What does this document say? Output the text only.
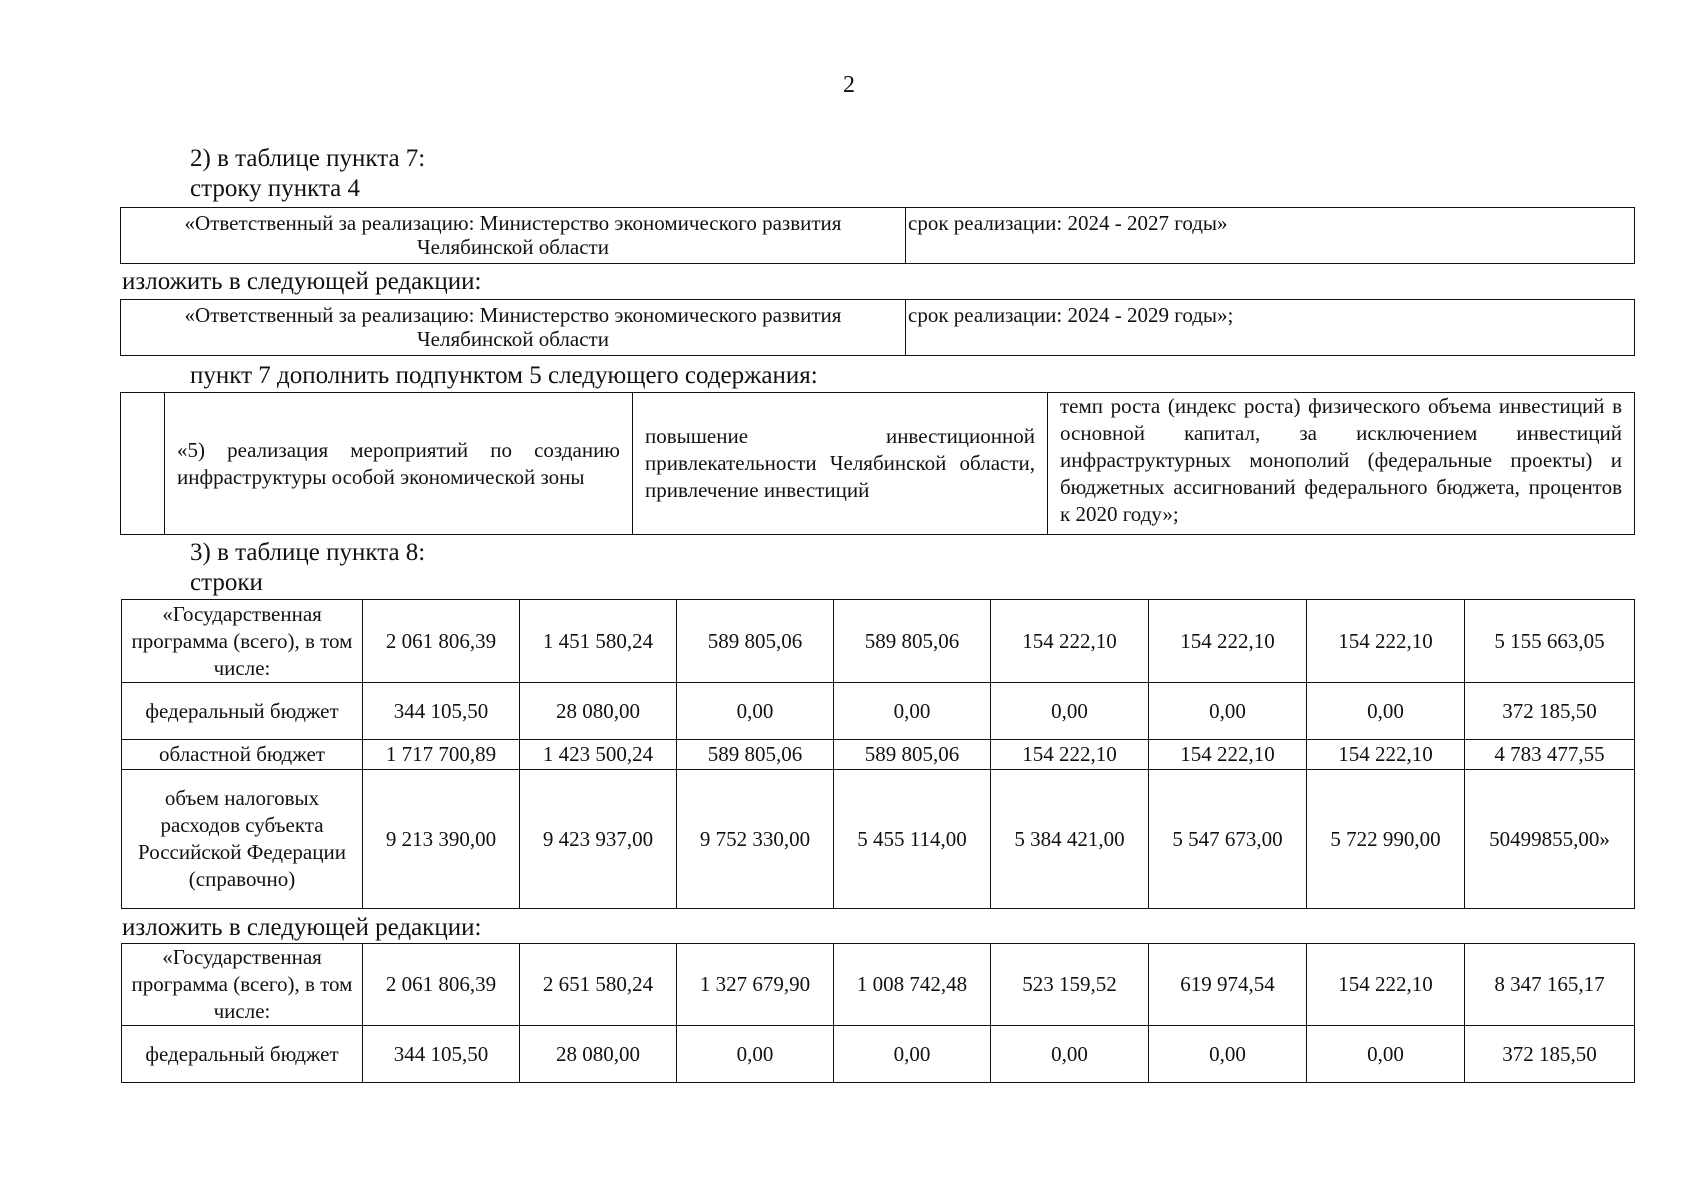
2
2) в таблице пункта 7:
строку пункта 4
«Ответственный за реализацию: Министерство экономического развития
Челябинской области
	срок реализации: 2024 - 2027 годы»
изложить в следующей редакции:
«Ответственный за реализацию: Министерство экономического развития
Челябинской области
	срок реализации: 2024 - 2029 годы»;
пункт 7 дополнить подпунктом 5 следующего содержания:
	«5) реализация мероприятий по созданию инфраструктуры особой экономической зоны	повышение инвестиционной привлекательности Челябинской области, привлечение инвестиций	темп роста (индекс роста) физического объема инвестиций в основной капитал, за исключением инвестиций инфраструктурных монополий (федеральные проекты) и бюджетных ассигнований федерального бюджета, процентов к 2020 году»;
3) в таблице пункта 8:
строки
«Государственная программа (всего), в том числе:	2 061 806,39	1 451 580,24	589 805,06	589 805,06	154 222,10	154 222,10	154 222,10	5 155 663,05
федеральный бюджет	344 105,50	28 080,00	0,00	0,00	0,00	0,00	0,00	372 185,50
областной бюджет	1 717 700,89	1 423 500,24	589 805,06	589 805,06	154 222,10	154 222,10	154 222,10	4 783 477,55
объем налоговых расходов субъекта Российской Федерации (справочно)	9 213 390,00	9 423 937,00	9 752 330,00	5 455 114,00	5 384 421,00	5 547 673,00	5 722 990,00	50499855,00»
изложить в следующей редакции:
«Государственная программа (всего), в том числе:	2 061 806,39	2 651 580,24	1 327 679,90	1 008 742,48	523 159,52	619 974,54	154 222,10	8 347 165,17
федеральный бюджет	344 105,50	28 080,00	0,00	0,00	0,00	0,00	0,00	372 185,50
